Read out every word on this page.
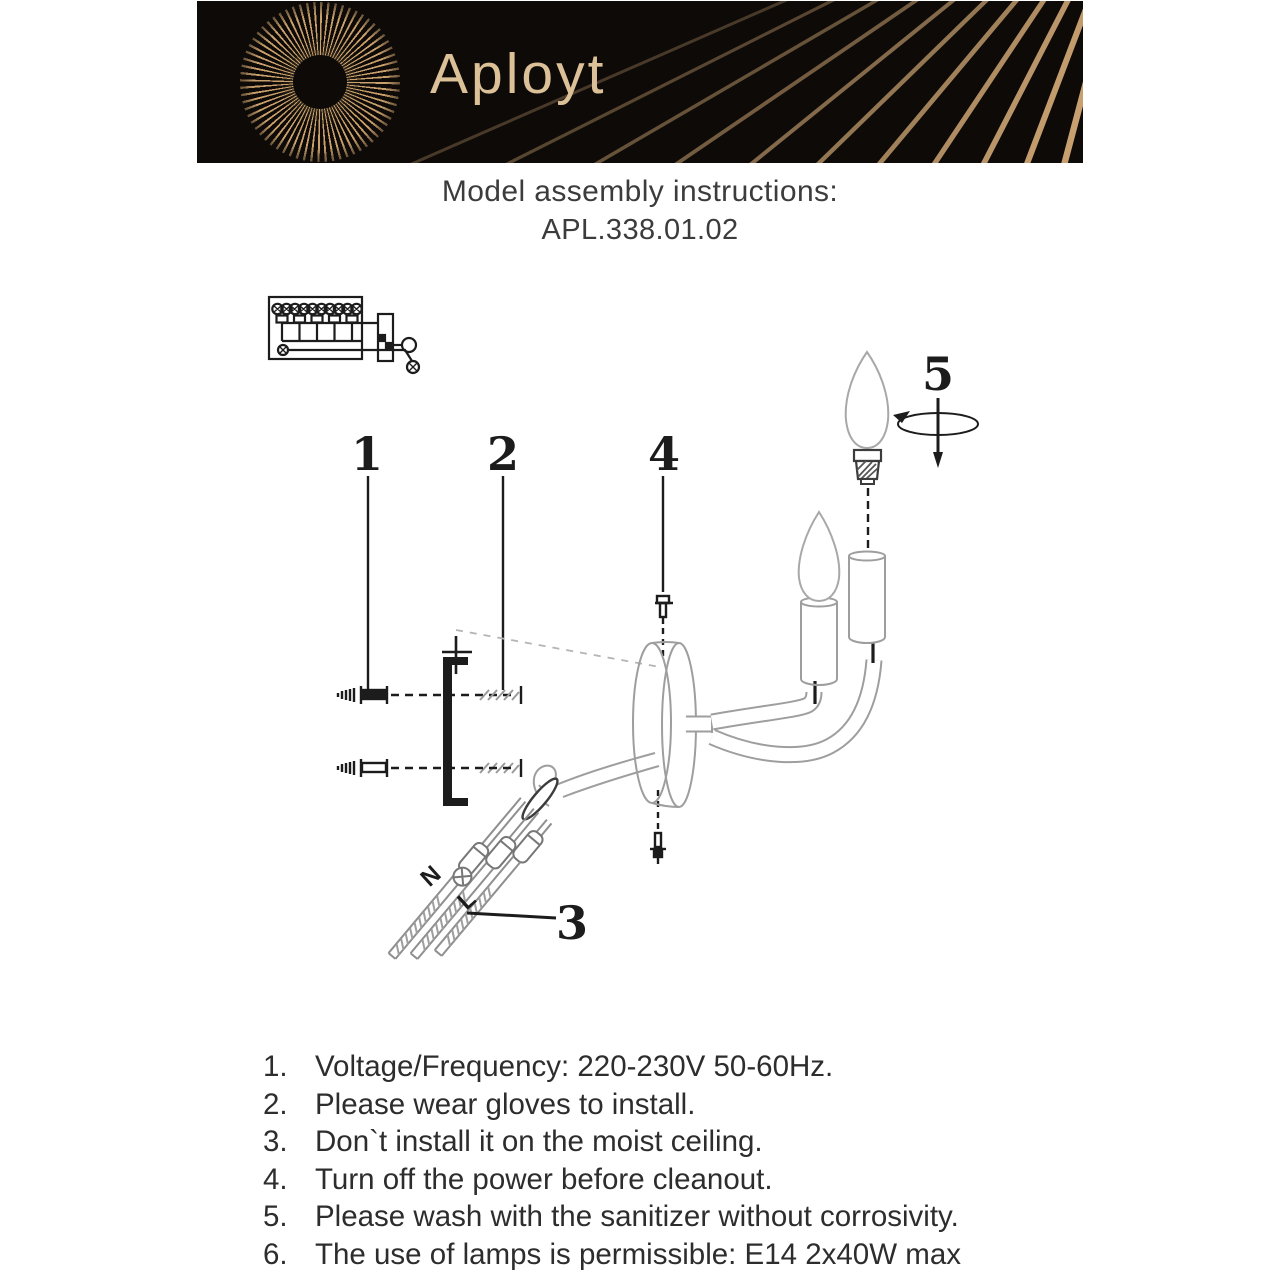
Aployt
Model assembly instructions:
APL.338.01.02
N
L
1 2	4
5
3
1. Voltage/Frequency: 220-230V 50-60Hz.
2. Please wear gloves to install.
3. Don`t install it on the moist ceiling.
4. Turn off the power before cleanout.
5. Please wash with the sanitizer without corrosivity.
6. The use of lamps is permissible: E14 2x40W max
